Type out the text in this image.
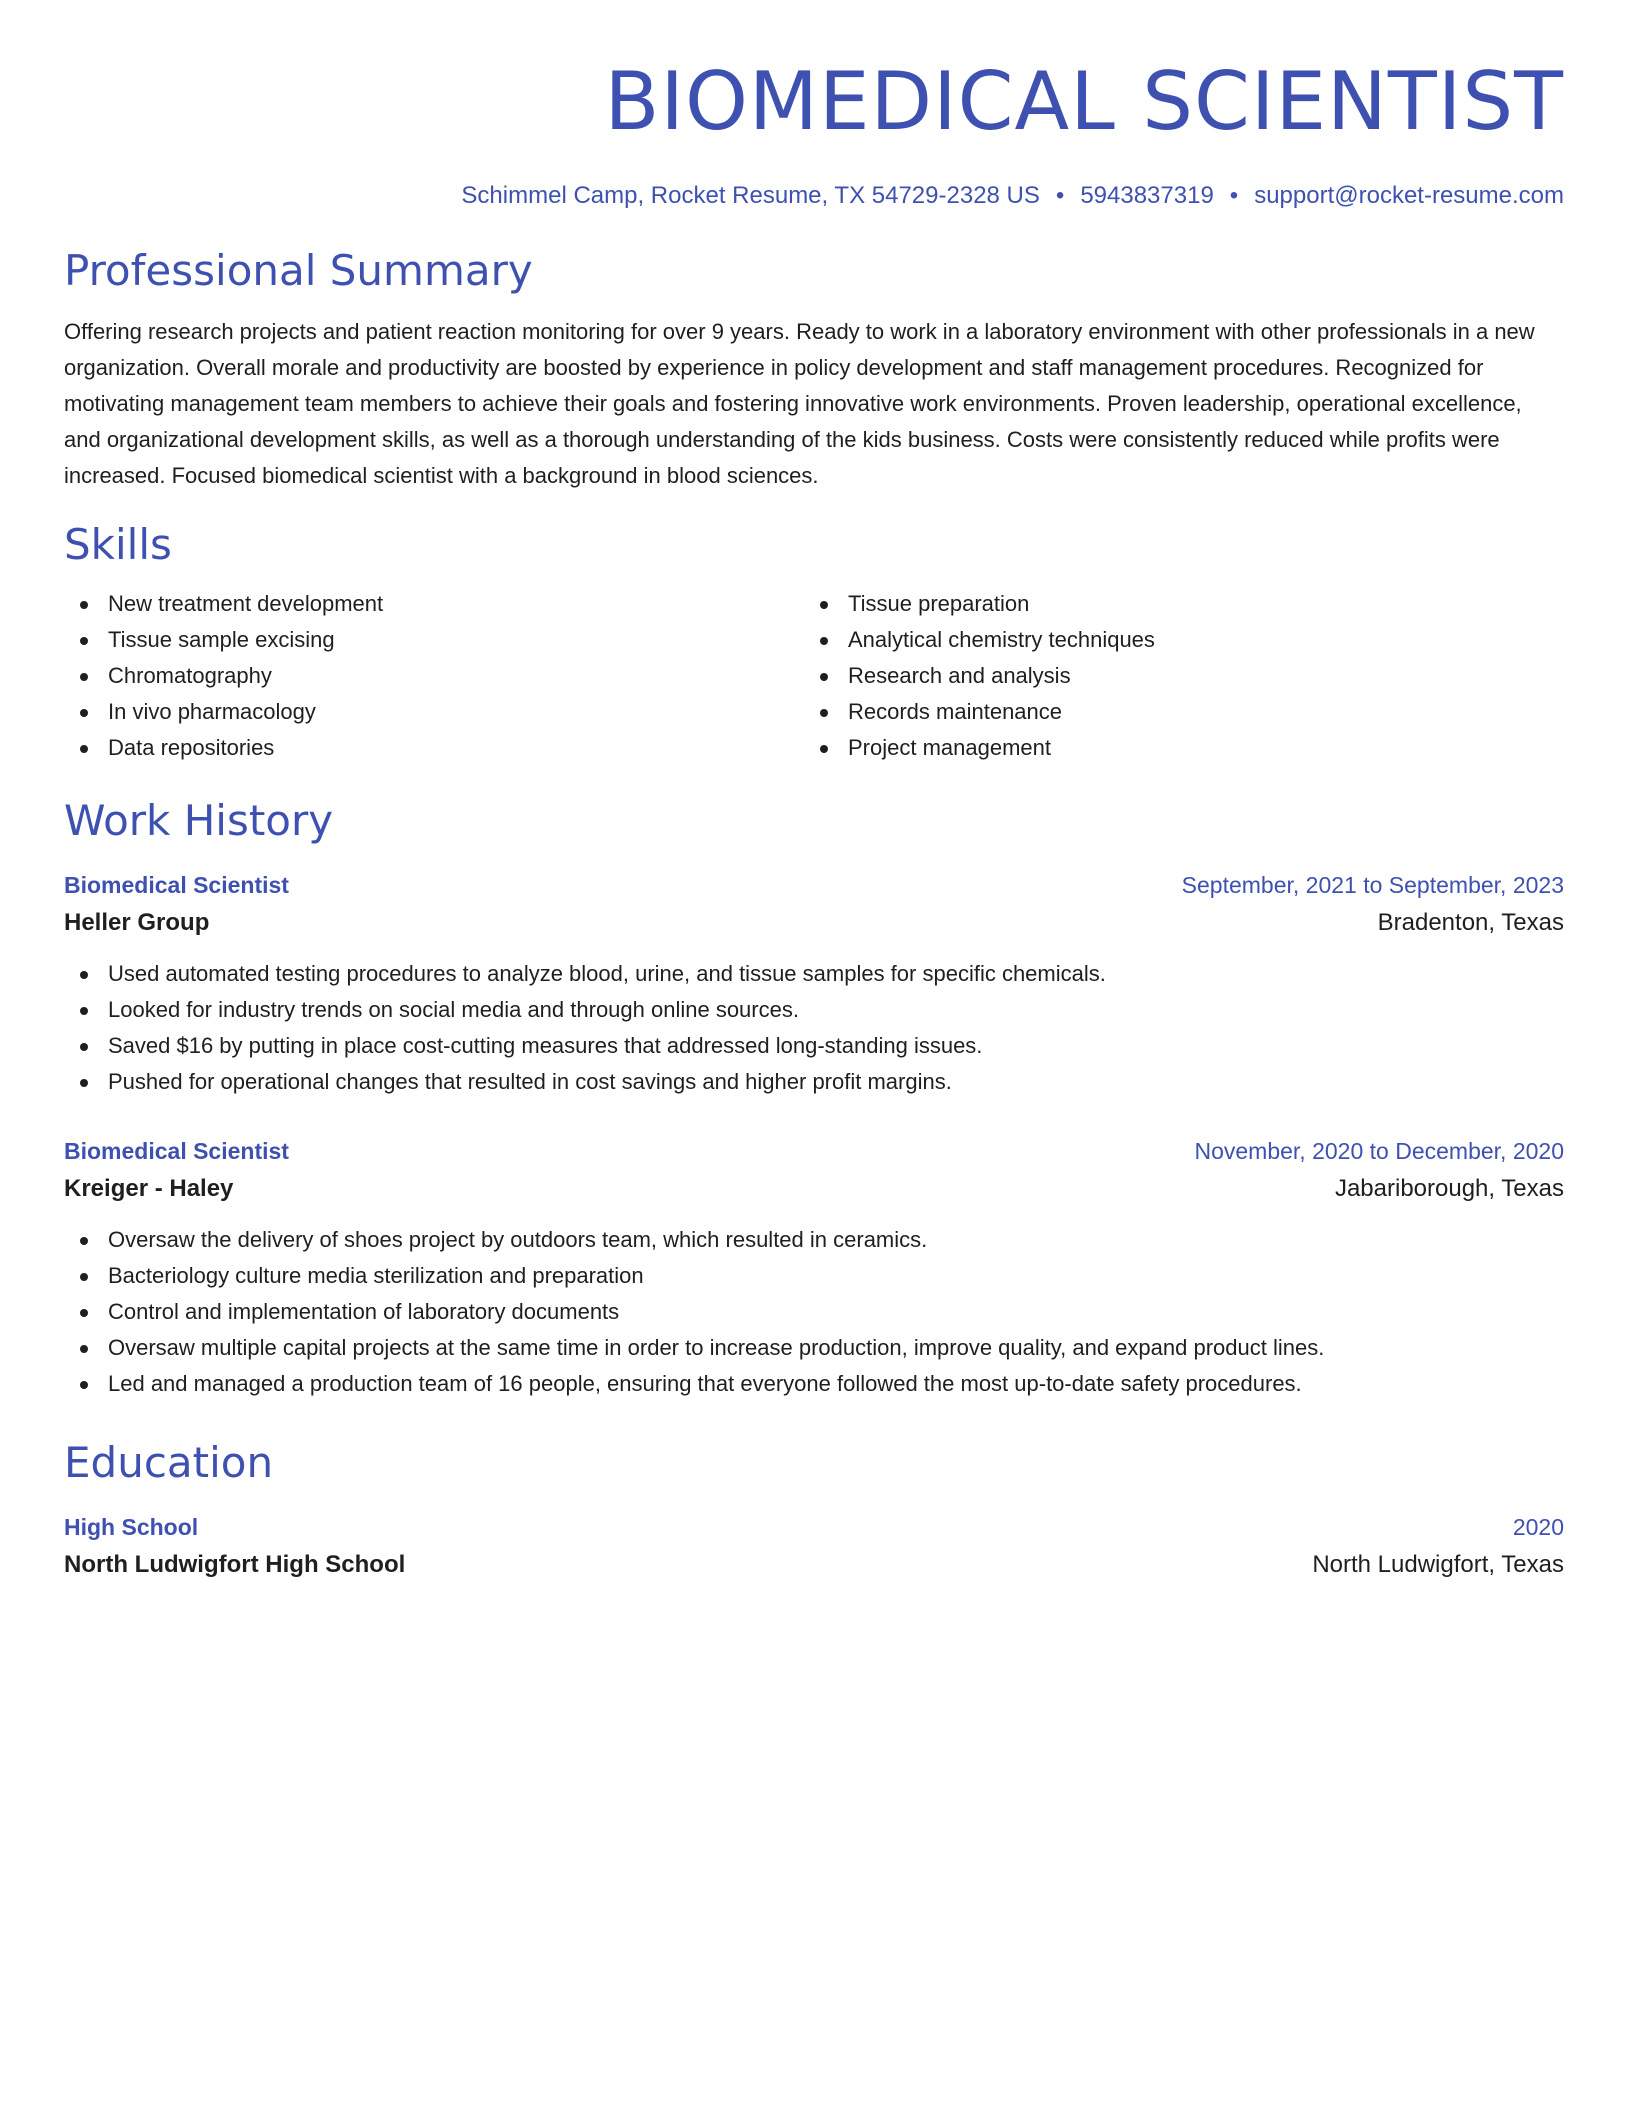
BIOMEDICAL SCIENTIST
Schimmel Camp, Rocket Resume, TX 54729-2328 US • 5943837319 • support@rocket-resume.com
Professional Summary
Offering research projects and patient reaction monitoring for over 9 years. Ready to work in a laboratory environment with other professionals in a new organization. Overall morale and productivity are boosted by experience in policy development and staff management procedures. Recognized for motivating management team members to achieve their goals and fostering innovative work environments. Proven leadership, operational excellence, and organizational development skills, as well as a thorough understanding of the kids business. Costs were consistently reduced while profits were increased. Focused biomedical scientist with a background in blood sciences.
Skills
New treatment development
Tissue sample excising
Chromatography
In vivo pharmacology
Data repositories
Tissue preparation
Analytical chemistry techniques
Research and analysis
Records maintenance
Project management
Work History
Biomedical Scientist	September, 2021 to September, 2023
Heller Group	Bradenton, Texas
Used automated testing procedures to analyze blood, urine, and tissue samples for specific chemicals.
Looked for industry trends on social media and through online sources.
Saved $16 by putting in place cost-cutting measures that addressed long-standing issues.
Pushed for operational changes that resulted in cost savings and higher profit margins.
Biomedical Scientist	November, 2020 to December, 2020
Kreiger - Haley	Jabariborough, Texas
Oversaw the delivery of shoes project by outdoors team, which resulted in ceramics.
Bacteriology culture media sterilization and preparation
Control and implementation of laboratory documents
Oversaw multiple capital projects at the same time in order to increase production, improve quality, and expand product lines.
Led and managed a production team of 16 people, ensuring that everyone followed the most up-to-date safety procedures.
Education
High School	2020
North Ludwigfort High School	North Ludwigfort, Texas
